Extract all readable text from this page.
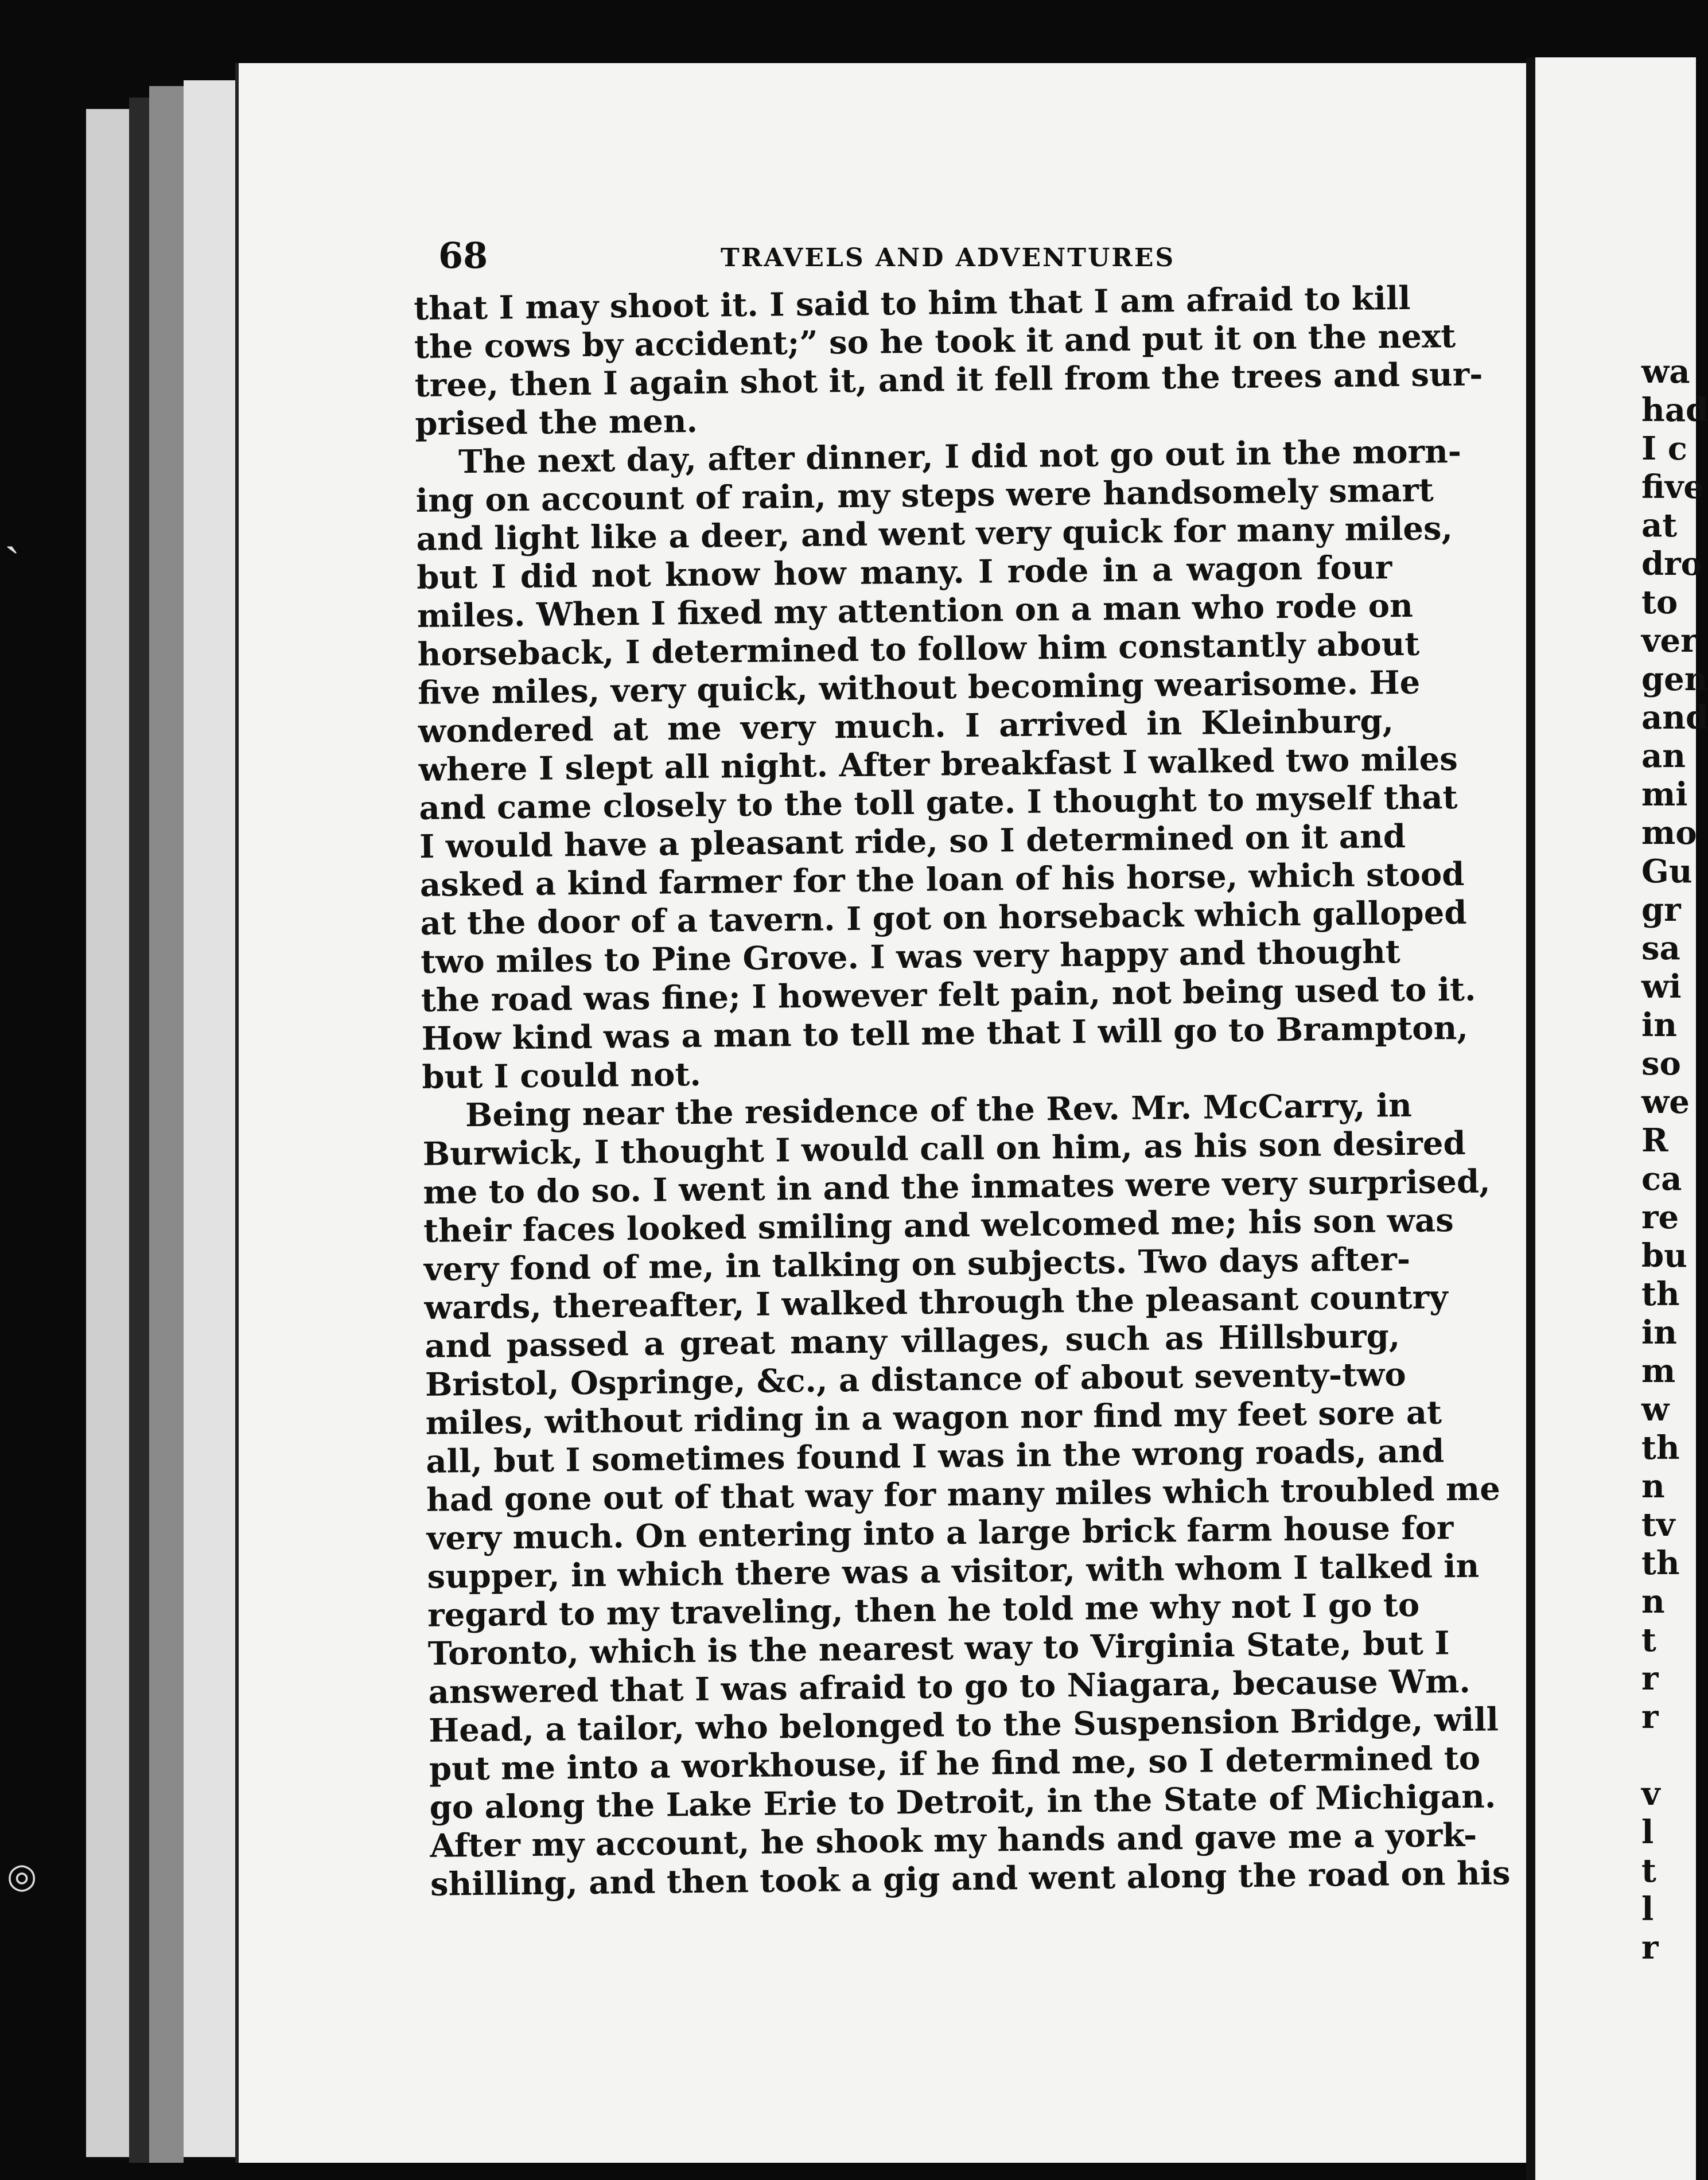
68	TRAVELS AND ADVENTURES
that I may shoot it. I said to him that I am afraid to kill
the cows by accident;” so he took it and put it on the next
tree, then I again shot it, and it fell from the trees and sur-
prised the men.
The next day, after dinner, I did not go out in the morn-
ing on account of rain, my steps were handsomely smart
and light like a deer, and went very quick for many miles,
but I did not know how many. I rode in a wagon four
miles. When I fixed my attention on a man who rode on
horseback, I determined to follow him constantly about
five miles, very quick, without becoming wearisome. He
wondered at me very much. I arrived in Kleinburg,
where I slept all night. After breakfast I walked two miles
and came closely to the toll gate. I thought to myself that
I would have a pleasant ride, so I determined on it and
asked a kind farmer for the loan of his horse, which stood
at the door of a tavern. I got on horseback which galloped
two miles to Pine Grove. I was very happy and thought
the road was fine; I however felt pain, not being used to it.
How kind was a man to tell me that I will go to Brampton,
but I could not.
Being near the residence of the Rev. Mr. McCarry, in
Burwick, I thought I would call on him, as his son desired
me to do so. I went in and the inmates were very surprised,
their faces looked smiling and welcomed me; his son was
very fond of me, in talking on subjects. Two days after-
wards, thereafter, I walked through the pleasant country
and passed a great many villages, such as Hillsburg,
Bristol, Ospringe, &c., a distance of about seventy-two
miles, without riding in a wagon nor find my feet sore at
all, but I sometimes found I was in the wrong roads, and
had gone out of that way for many miles which troubled me
very much. On entering into a large brick farm house for
supper, in which there was a visitor, with whom I talked in
regard to my traveling, then he told me why not I go to
Toronto, which is the nearest way to Virginia State, but I
answered that I was afraid to go to Niagara, because Wm.
Head, a tailor, who belonged to the Suspension Bridge, will
put me into a workhouse, if he find me, so I determined to
go along the Lake Erie to Detroit, in the State of Michigan.
After my account, he shook my hands and gave me a york-
shilling, and then took a gig and went along the road on his
wa
had
I c
five
at
dro
to
ver
gen
and
an
mi
mo
Gu
gr
sa
wi
in
so
we
R
ca
re
bu
th
in
m
w
th
n
tv
th
n
t
r
r
v
l
t
l
r
ˏ
◎
